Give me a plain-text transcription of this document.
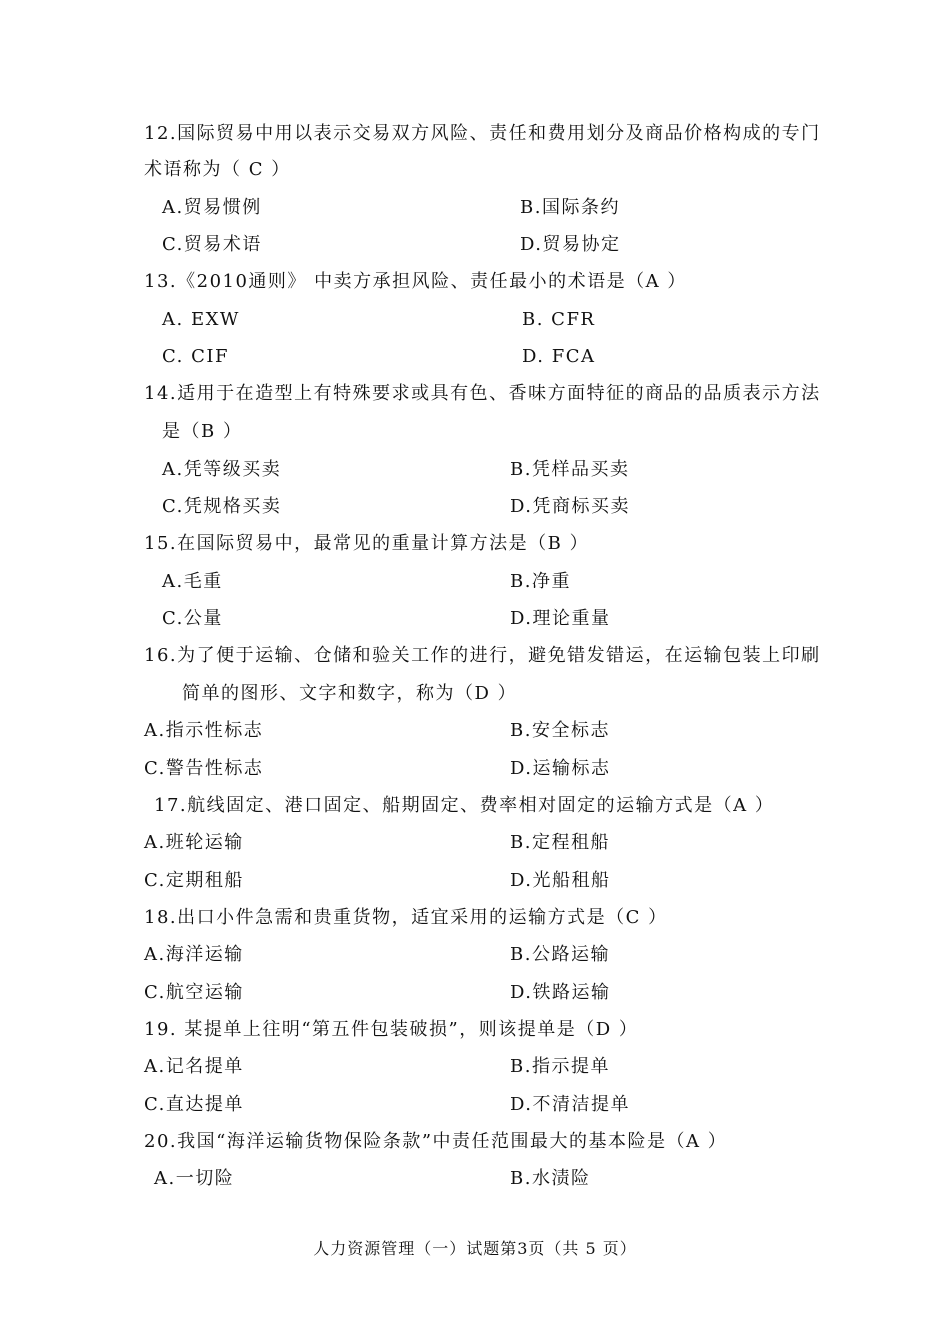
12.国际贸易中用以表示交易双方风险、责任和费用划分及商品价格构成的专门
术语称为（ C ）
A.贸易惯例	B.国际条约
C.贸易术语	D.贸易协定
13.《2010通则》 中卖方承担风险、责任最小的术语是（A ）
A. EXW	B. CFR
C. CIF	D. FCA
14.适用于在造型上有特殊要求或具有色、香味方面特征的商品的品质表示方法
是（B ）
A.凭等级买卖	B.凭样品买卖
C.凭规格买卖	D.凭商标买卖
15.在国际贸易中，最常见的重量计算方法是（B ）
A.毛重	B.净重
C.公量	D.理论重量
16.为了便于运输、仓储和验关工作的进行，避免错发错运，在运输包装上印刷
简单的图形、文字和数字，称为（D ）
A.指示性标志	B.安全标志
C.警告性标志	D.运输标志
17.航线固定、港口固定、船期固定、费率相对固定的运输方式是（A ）
A.班轮运输	B.定程租船
C.定期租船	D.光船租船
18.出口小件急需和贵重货物，适宜采用的运输方式是（C ）
A.海洋运输	B.公路运输
C.航空运输	D.铁路运输
19. 某提单上往明“第五件包装破损”，则该提单是（D ）
A.记名提单	B.指示提单
C.直达提单	D.不清洁提单
20.我国“海洋运输货物保险条款”中责任范围最大的基本险是（A ）
A.一切险	B.水渍险
人力资源管理（一）试题第3页（共 5 页）
